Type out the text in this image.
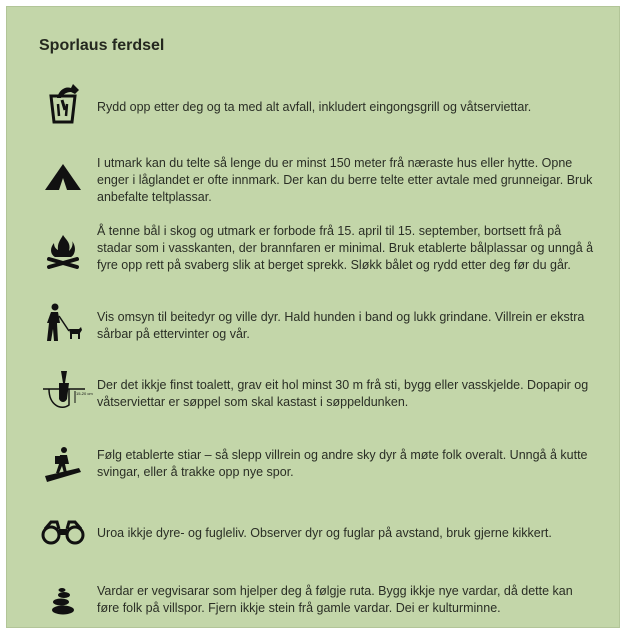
Sporlaus ferdsel

Rydd opp etter deg og ta med alt avfall, inkludert eingongsgrill og våtserviettar.

I utmark kan du telte så lenge du er minst 150 meter frå næraste hus eller hytte. Opne enger i låglandet er ofte innmark. Der kan du berre telte etter avtale med grunneigar. Bruk anbefalte teltplassar.

Å tenne bål i skog og utmark er forbode frå 15. april til 15. september, bortsett frå på stadar som i vasskanten, der brannfaren er minimal. Bruk etablerte bålplassar og unngå å fyre opp rett på svaberg slik at berget sprekk. Sløkk bålet og rydd etter deg før du går.

Vis omsyn til beitedyr og ville dyr. Hald hunden i band og lukk grindane. Villrein er ekstra sårbar på ettervinter og vår.

15-20 cm

Der det ikkje finst toalett, grav eit hol minst 30 m frå sti, bygg eller vasskjelde. Dopapir og våtserviettar er søppel som skal kastast i søppeldunken.

Følg etablerte stiar – så slepp villrein og andre sky dyr å møte folk overalt. Unngå å kutte svingar, eller å trakke opp nye spor.

Uroa ikkje dyre- og fugleliv. Observer dyr og fuglar på avstand, bruk gjerne kikkert.

Vardar er vegvisarar som hjelper deg å følgje ruta. Bygg ikkje nye vardar, då dette kan føre folk på villspor. Fjern ikkje stein frå gamle vardar. Dei er kulturminne.
